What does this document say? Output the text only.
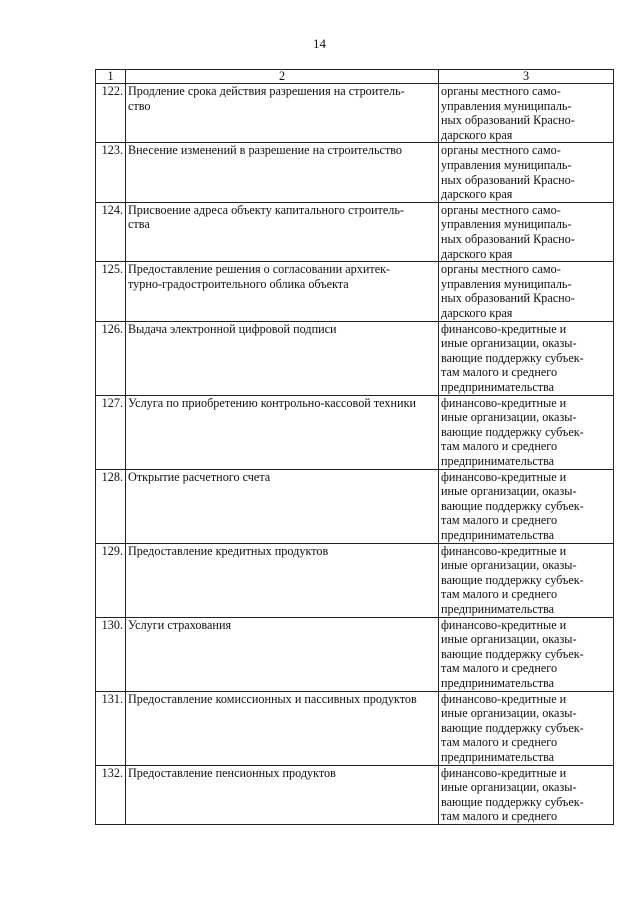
14
1	2	3
122.	Продление срока действия разрешения на строитель-
ство	органы местного само-
управления муниципаль-
ных образований Красно-
дарского края
123.	Внесение изменений в разрешение на строительство	органы местного само-
управления муниципаль-
ных образований Красно-
дарского края
124.	Присвоение адреса объекту капитального строитель-
ства	органы местного само-
управления муниципаль-
ных образований Красно-
дарского края
125.	Предоставление решения о согласовании архитек-
турно-градостроительного облика объекта	органы местного само-
управления муниципаль-
ных образований Красно-
дарского края
126.	Выдача электронной цифровой подписи	финансово-кредитные и
иные организации, оказы-
вающие поддержку субъек-
там малого и среднего
предпринимательства
127.	Услуга по приобретению контрольно-кассовой техники	финансово-кредитные и
иные организации, оказы-
вающие поддержку субъек-
там малого и среднего
предпринимательства
128.	Открытие расчетного счета	финансово-кредитные и
иные организации, оказы-
вающие поддержку субъек-
там малого и среднего
предпринимательства
129.	Предоставление кредитных продуктов	финансово-кредитные и
иные организации, оказы-
вающие поддержку субъек-
там малого и среднего
предпринимательства
130.	Услуги страхования	финансово-кредитные и
иные организации, оказы-
вающие поддержку субъек-
там малого и среднего
предпринимательства
131.	Предоставление комиссионных и пассивных продуктов	финансово-кредитные и
иные организации, оказы-
вающие поддержку субъек-
там малого и среднего
предпринимательства
132.	Предоставление пенсионных продуктов	финансово-кредитные и
иные организации, оказы-
вающие поддержку субъек-
там малого и среднего
